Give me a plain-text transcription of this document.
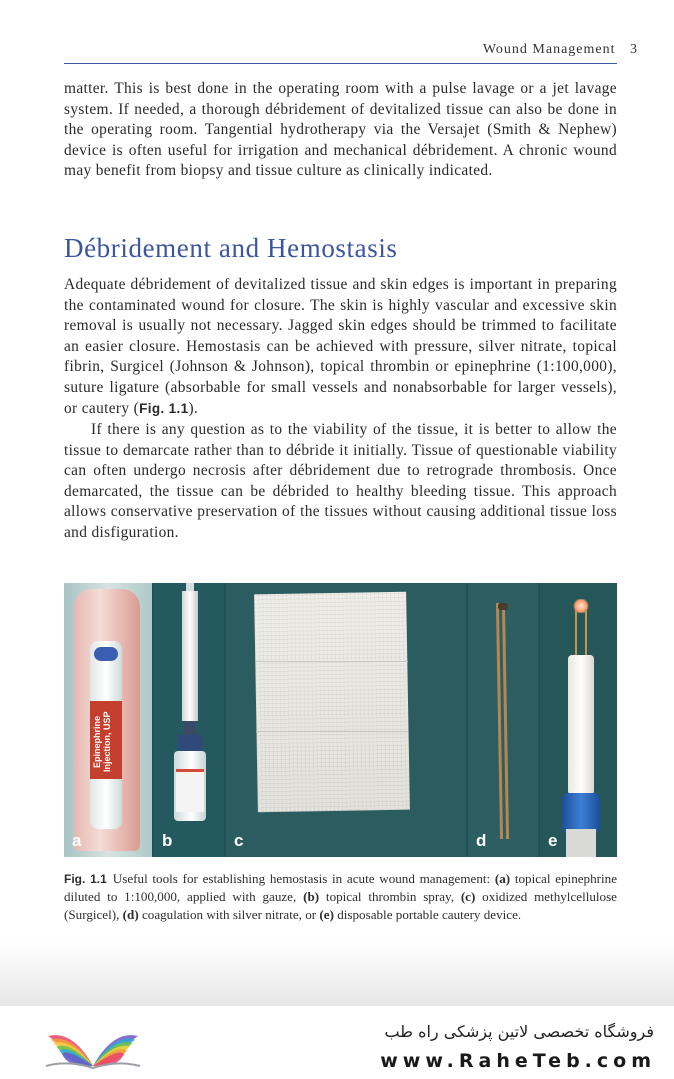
Wound Management 3

matter. This is best done in the operating room with a pulse lavage or a jet lavage system. If needed, a thorough débridement of devitalized tissue can also be done in the operating room. Tangential hydrotherapy via the Versajet (Smith & Nephew) device is often useful for irrigation and mechanical débridement. A chronic wound may benefit from biopsy and tissue culture as clinically indicated.

Débridement and Hemostasis

Adequate débridement of devitalized tissue and skin edges is important in preparing the contaminated wound for closure. The skin is highly vascular and excessive skin removal is usually not necessary. Jagged skin edges should be trimmed to facilitate an easier closure. Hemostasis can be achieved with pressure, silver nitrate, topical fibrin, Surgicel (Johnson & Johnson), topical thrombin or epinephrine (1:100,000), suture ligature (absorbable for small vessels and nonabsorbable for larger vessels), or cautery (Fig. 1.1).

If there is any question as to the viability of the tissue, it is better to allow the tissue to demarcate rather than to débride it initially. Tissue of questionable viability can often undergo necrosis after débridement due to retrograde thrombosis. Once demarcated, the tissue can be débrided to healthy bleeding tissue. This approach allows conservative preservation of the tissues without causing additional tissue loss and disfiguration.

Epinephrine Injection, USP
a	b	c	d	e

Fig. 1.1 Useful tools for establishing hemostasis in acute wound management: (a) topical epinephrine diluted to 1:100,000, applied with gauze, (b) topical thrombin spray, (c) oxidized methylcellulose (Surgicel), (d) coagulation with silver nitrate, or (e) disposable portable cautery device.

فروشگاه تخصصی لاتین پزشکی راه طب
www.RaheTeb.com
